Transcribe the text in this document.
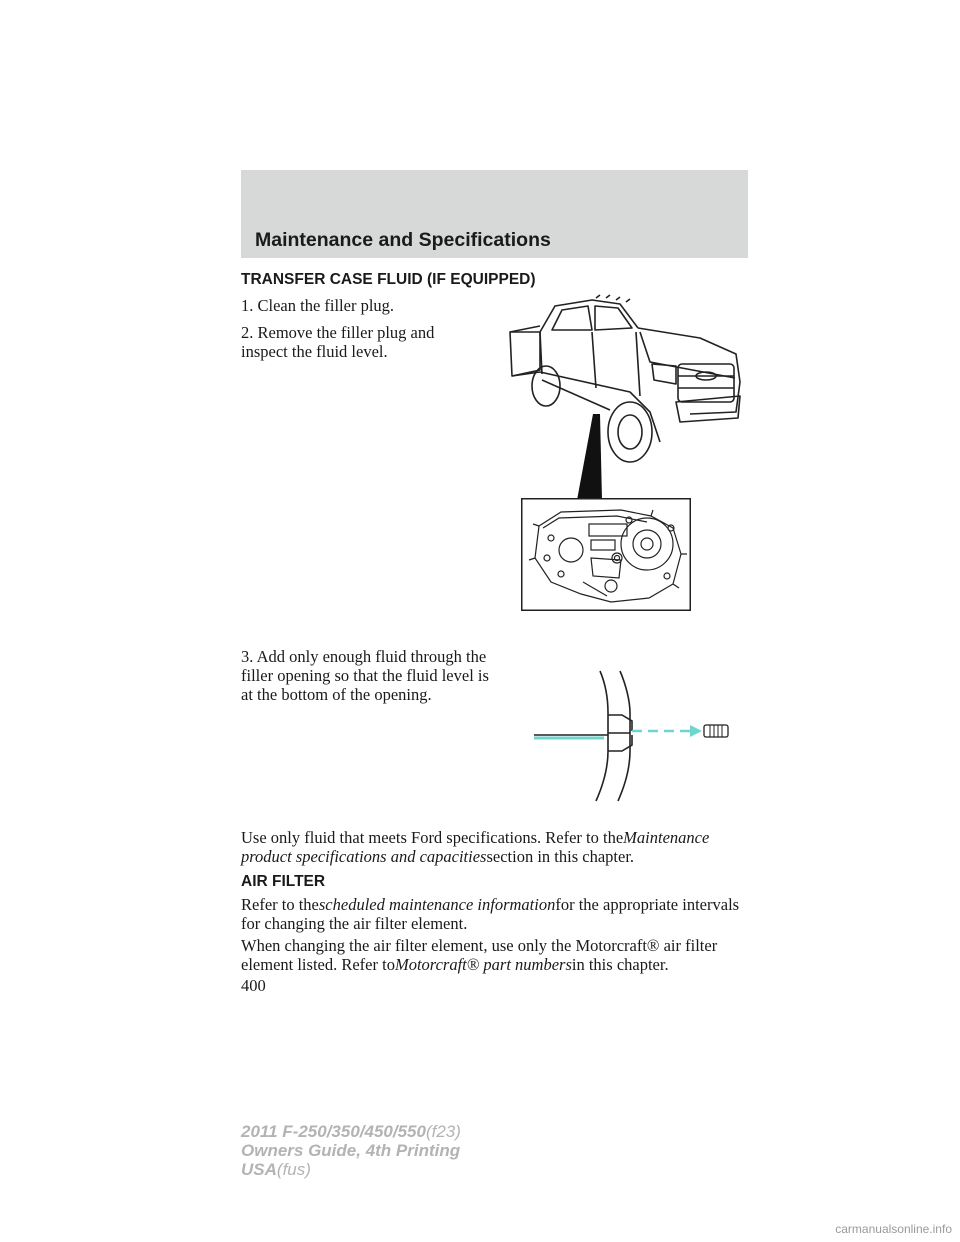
Maintenance and Specifications
TRANSFER CASE FLUID (IF EQUIPPED)
1. Clean the filler plug.
2. Remove the filler plug and inspect the fluid level.
3. Add only enough fluid through the filler opening so that the fluid level is at the bottom of the opening.
Use only fluid that meets Ford specifications. Refer to theMaintenance product specifications and capacitiessection in this chapter.
AIR FILTER
Refer to thescheduled maintenance informationfor the appropriate intervals for changing the air filter element.
When changing the air filter element, use only the Motorcraft® air filter element listed. Refer toMotorcraft® part numbersin this chapter.
400
2011 F-250/350/450/550(f23)
Owners Guide, 4th Printing
USA(fus)
carmanualsonline.info
